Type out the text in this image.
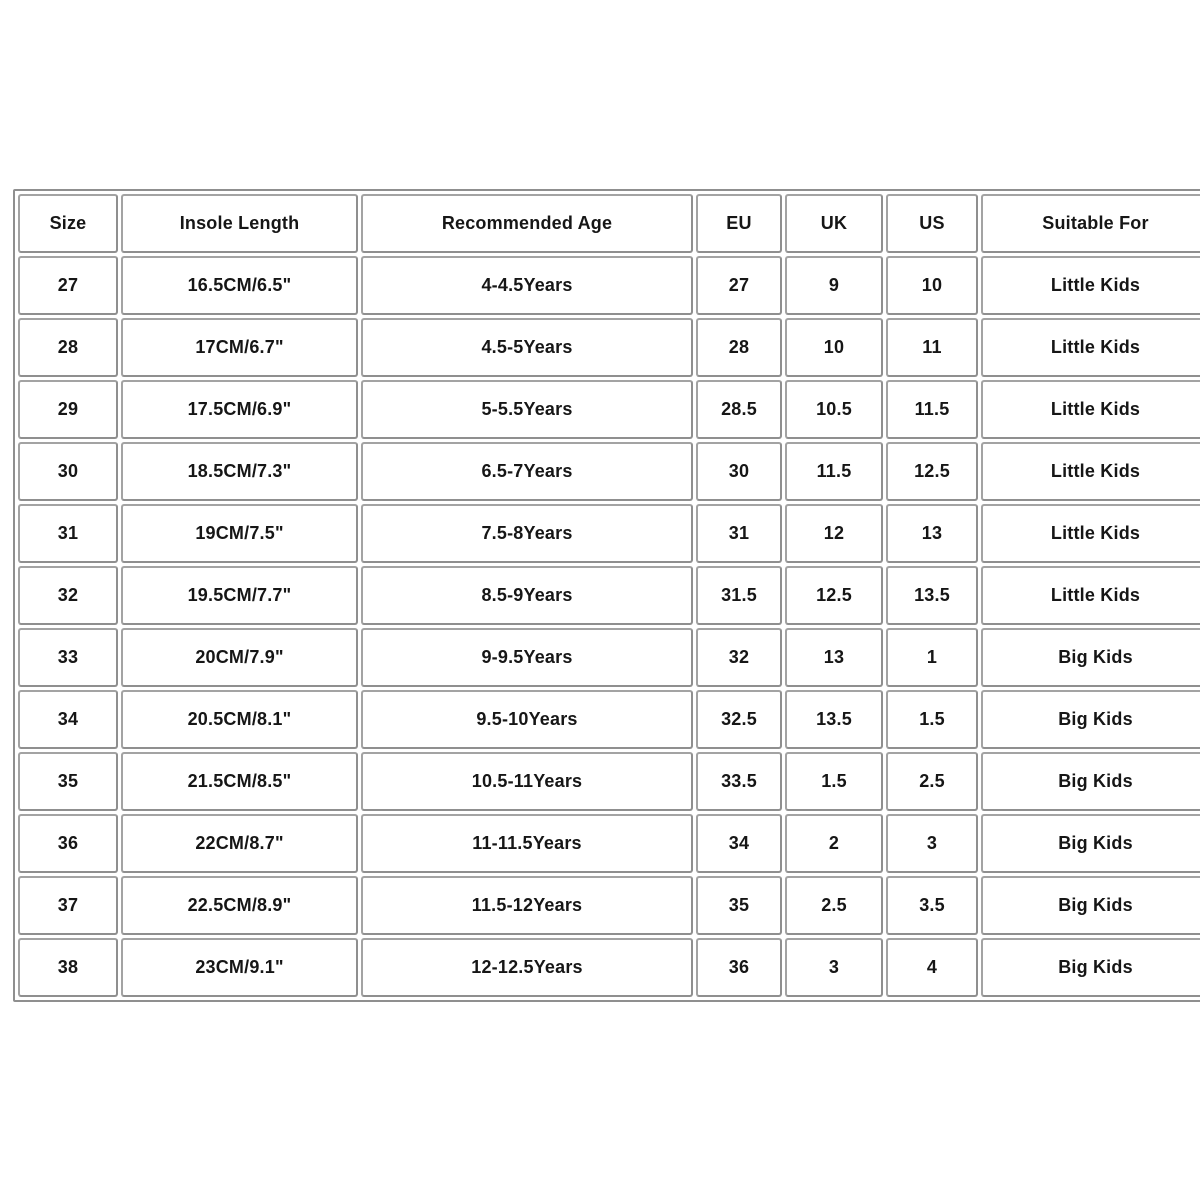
Size	Insole Length	Recommended Age	EU	UK	US	Suitable For
27	16.5CM/6.5"	4-4.5Years	27	9	10	Little Kids
28	17CM/6.7"	4.5-5Years	28	10	11	Little Kids
29	17.5CM/6.9"	5-5.5Years	28.5	10.5	11.5	Little Kids
30	18.5CM/7.3"	6.5-7Years	30	11.5	12.5	Little Kids
31	19CM/7.5"	7.5-8Years	31	12	13	Little Kids
32	19.5CM/7.7"	8.5-9Years	31.5	12.5	13.5	Little Kids
33	20CM/7.9"	9-9.5Years	32	13	1	Big Kids
34	20.5CM/8.1"	9.5-10Years	32.5	13.5	1.5	Big Kids
35	21.5CM/8.5"	10.5-11Years	33.5	1.5	2.5	Big Kids
36	22CM/8.7"	11-11.5Years	34	2	3	Big Kids
37	22.5CM/8.9"	11.5-12Years	35	2.5	3.5	Big Kids
38	23CM/9.1"	12-12.5Years	36	3	4	Big Kids
